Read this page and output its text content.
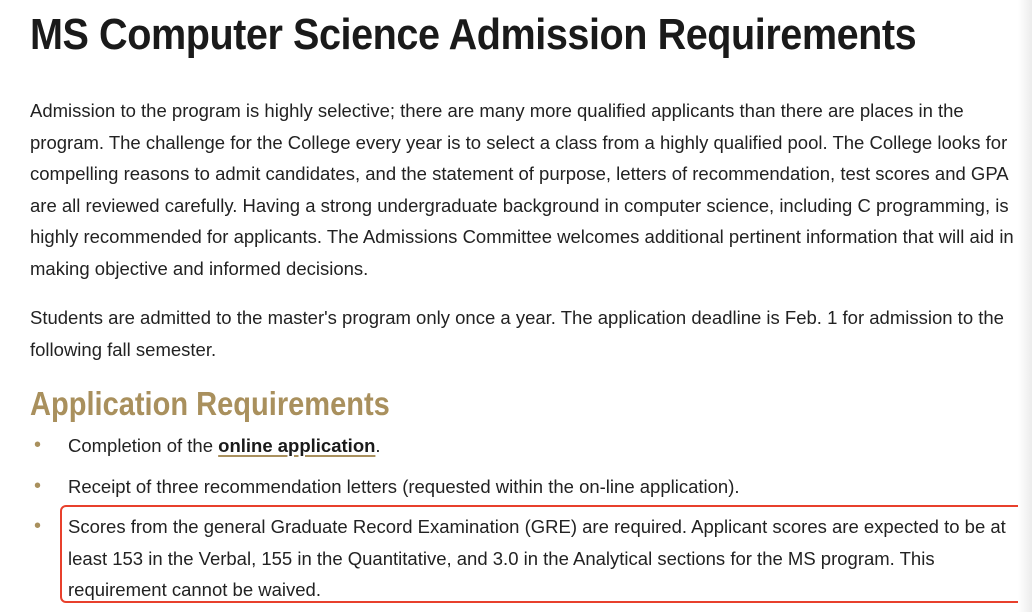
MS Computer Science Admission Requirements

Admission to the program is highly selective; there are many more qualified applicants than there are places in the program. The challenge for the College every year is to select a class from a highly qualified pool. The College looks for compelling reasons to admit candidates, and the statement of purpose, letters of recommendation, test scores and GPA are all reviewed carefully. Having a strong undergraduate background in computer science, including C programming, is highly recommended for applicants. The Admissions Committee welcomes additional pertinent information that will aid in making objective and informed decisions.

Students are admitted to the master's program only once a year. The application deadline is Feb. 1 for admission to the following fall semester.

Application Requirements
• Completion of the online application.
• Receipt of three recommendation letters (requested within the on-line application).
• Scores from the general Graduate Record Examination (GRE) are required. Applicant scores are expected to be at least 153 in the Verbal, 155 in the Quantitative, and 3.0 in the Analytical sections for the MS program. This requirement cannot be waived.
